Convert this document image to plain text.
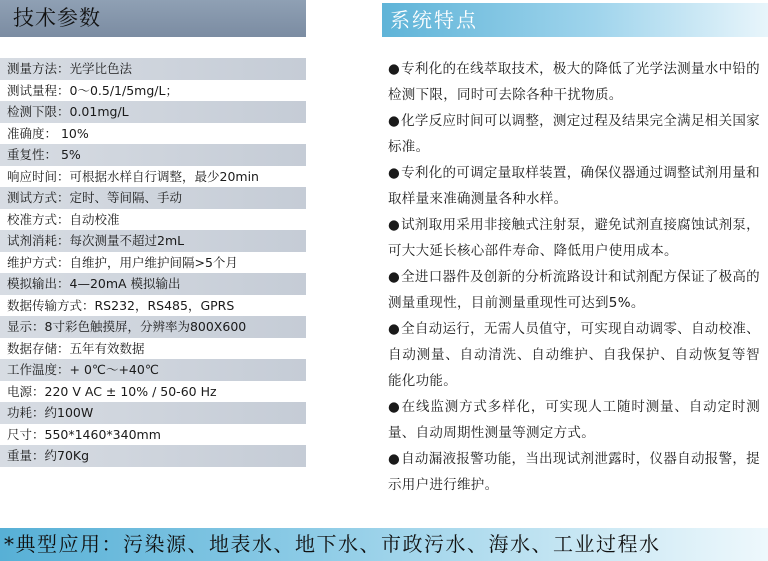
技术参数	系统特点
测量方法：光学比色法
测试量程：0～0.5/1/5mg/L；
检测下限：0.01mg/L
准确度： 10%
重复性： 5%
响应时间：可根据水样自行调整，最少20min
测试方式：定时、等间隔、手动
校准方式：自动校准
试剂消耗：每次测量不超过2mL
维护方式：自维护，用户维护间隔>5个月
模拟输出：4—20mA 模拟输出
数据传输方式：RS232，RS485，GPRS
显示：8寸彩色触摸屏，分辨率为800X600
数据存储：五年有效数据
工作温度：+ 0℃～+40℃
电源：220 V AC ± 10% / 50-60 Hz
功耗：约100W
尺寸：550*1460*340mm
重量：约70Kg
●专利化的在线萃取技术，极大的降低了光学法测量水中铅的检测下限，同时可去除各种干扰物质。
●化学反应时间可以调整，测定过程及结果完全满足相关国家标准。
●专利化的可调定量取样装置，确保仪器通过调整试剂用量和取样量来准确测量各种水样。
●试剂取用采用非接触式注射泵，避免试剂直接腐蚀试剂泵，可大大延长核心部件寿命、降低用户使用成本。
●全进口器件及创新的分析流路设计和试剂配方保证了极高的测量重现性，目前测量重现性可达到5%。
●全自动运行，无需人员值守，可实现自动调零、自动校准、自动测量、自动清洗、自动维护、自我保护、自动恢复等智能化功能。
●在线监测方式多样化，可实现人工随时测量、自动定时测量、自动周期性测量等测定方式。
●自动漏液报警功能，当出现试剂泄露时，仪器自动报警，提示用户进行维护。
*典型应用：污染源、地表水、地下水、市政污水、海水、工业过程水
